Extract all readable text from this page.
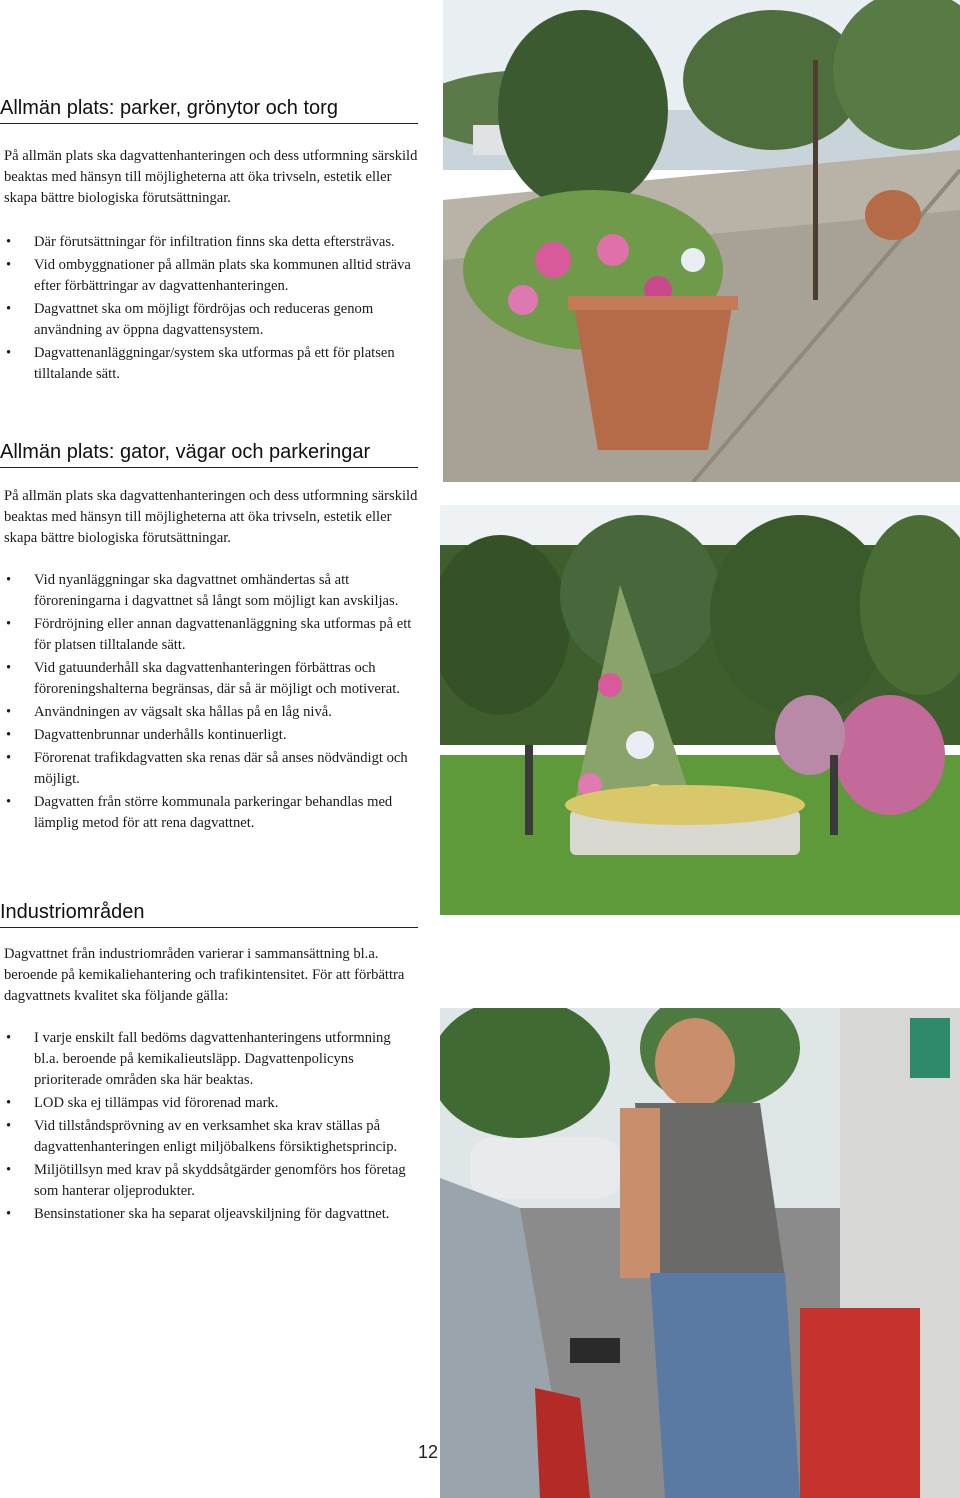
Allmän plats: parker, grönytor och torg

På allmän plats ska dagvattenhanteringen och dess utformning särskild beaktas med hänsyn till möjligheterna att öka trivseln, estetik eller skapa bättre biologiska förutsättningar.

• Där förutsättningar för infiltration finns ska detta eftersträvas.
• Vid ombyggnationer på allmän plats ska kommunen alltid sträva efter förbättringar av dagvattenhanteringen.
• Dagvattnet ska om möjligt fördröjas och reduceras genom användning av öppna dagvattensystem.
• Dagvattenanläggningar/system ska utformas på ett för platsen tilltalande sätt.
Allmän plats: gator, vägar och parkeringar

På allmän plats ska dagvattenhanteringen och dess utformning särskild beaktas med hänsyn till möjligheterna att öka trivseln, estetik eller skapa bättre biologiska förutsättningar.

• Vid nyanläggningar ska dagvattnet omhändertas så att föroreningarna i dagvattnet så långt som möjligt kan avskiljas.
• Fördröjning eller annan dagvattenanläggning ska utformas på ett för platsen tilltalande sätt.
• Vid gatuunderhåll ska dagvattenhanteringen förbättras och föroreningshalterna begränsas, där så är möjligt och motiverat.
• Användningen av vägsalt ska hållas på en låg nivå.
• Dagvattenbrunnar underhålls kontinuerligt.
• Förorenat trafikdagvatten ska renas där så anses nödvändigt och möjligt.
• Dagvatten från större kommunala parkeringar behandlas med lämplig metod för att rena dagvattnet.
Industriområden

Dagvattnet från industriområden varierar i sammansättning bl.a. beroende på kemikaliehantering och trafikintensitet. För att förbättra dagvattnets kvalitet ska följande gälla:

• I varje enskilt fall bedöms dagvattenhanteringens utformning bl.a. beroende på kemikalieutsläpp. Dagvattenpolicyns prioriterade områden ska här beaktas.
• LOD ska ej tillämpas vid förorenad mark.
• Vid tillståndsprövning av en verksamhet ska krav ställas på dagvattenhanteringen enligt miljöbalkens försiktighetsprincip.
• Miljötillsyn med krav på skyddsåtgärder genomförs hos företag som hanterar oljeprodukter.
• Bensinstationer ska ha separat oljeavskiljning för dagvattnet.
12
